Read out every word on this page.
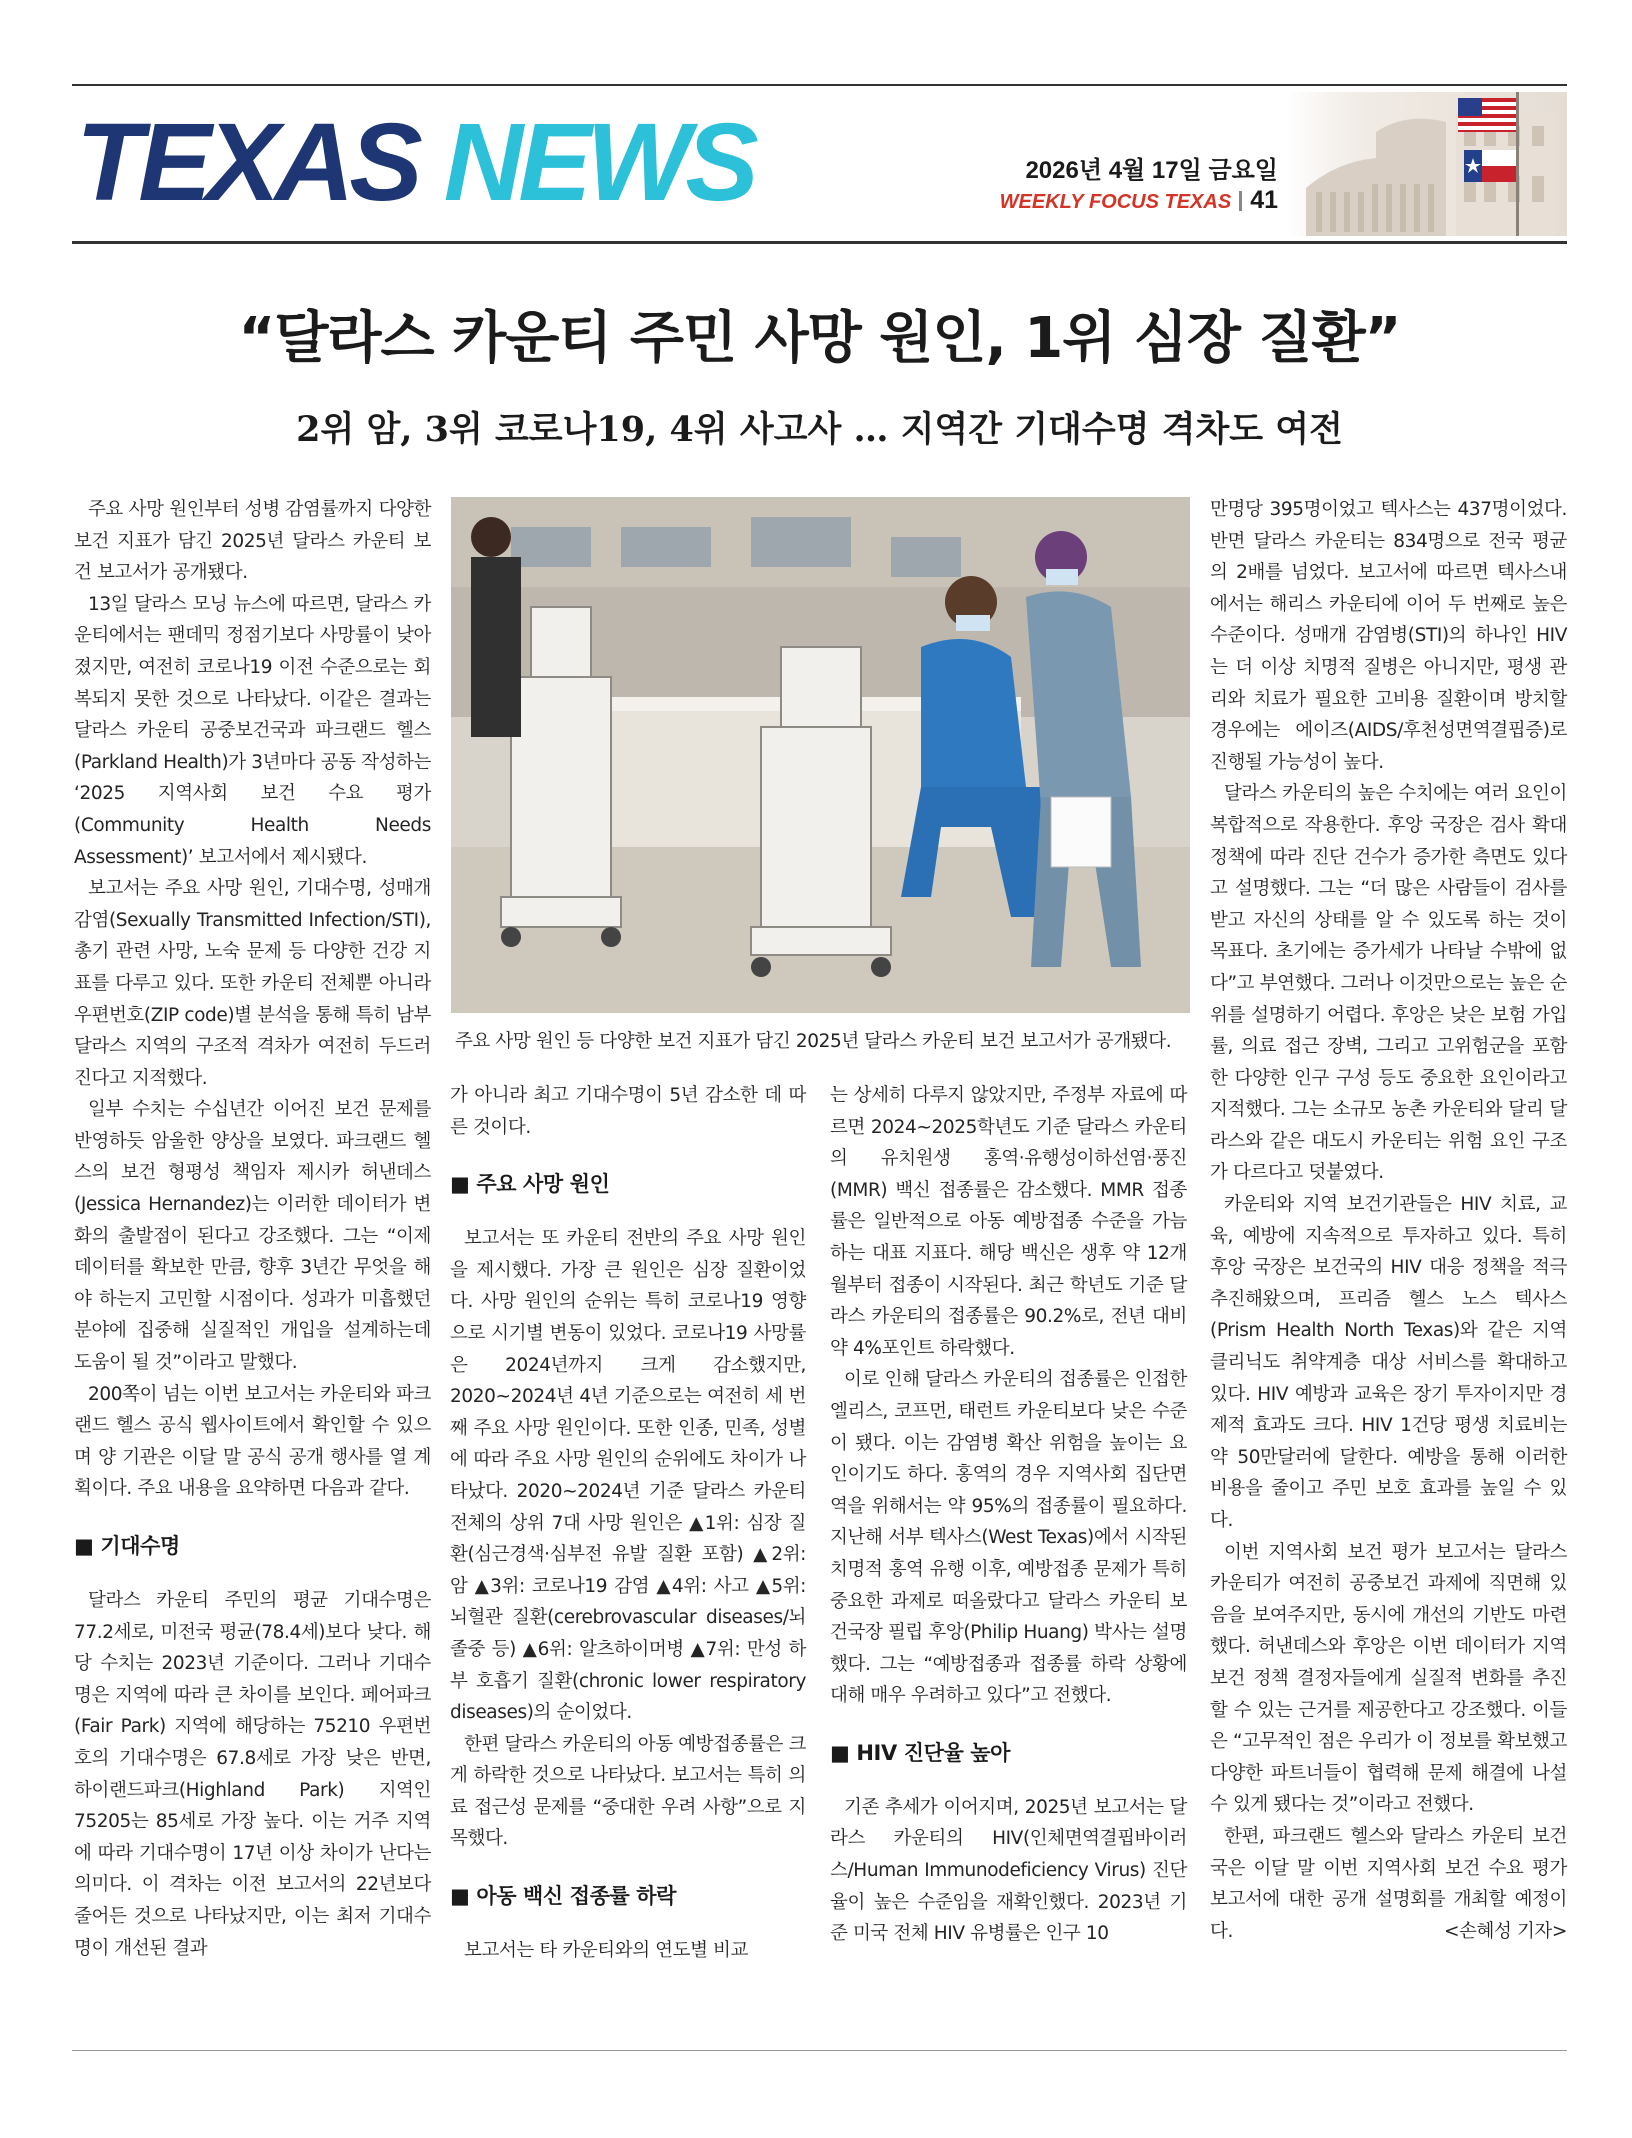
TEXAS NEWS	2026년 4월 17일 금요일
WEEKLY FOCUS TEXAS 41
“달라스 카운티 주민 사망 원인, 1위 심장 질환”
2위 암, 3위 코로나19, 4위 사고사 … 지역간 기대수명 격차도 여전

주요 사망 원인부터 성병 감염률까지 다양한 보건 지표가 담긴 2025년 달라스 카운티 보건 보고서가 공개됐다.

13일 달라스 모닝 뉴스에 따르면, 달라스 카운티에서는 팬데믹 정점기보다 사망률이 낮아졌지만, 여전히 코로나19 이전 수준으로는 회복되지 못한 것으로 나타났다. 이같은 결과는 달라스 카운티 공중보건국과 파크랜드 헬스(Parkland Health)가 3년마다 공동 작성하는 ‘2025 지역사회 보건 수요 평가(Community Health Needs Assessment)’ 보고서에서 제시됐다.

보고서는 주요 사망 원인, 기대수명, 성매개 감염(Sexually Transmitted Infection/STI), 총기 관련 사망, 노숙 문제 등 다양한 건강 지표를 다루고 있다. 또한 카운티 전체뿐 아니라 우편번호(ZIP code)별 분석을 통해 특히 남부 달라스 지역의 구조적 격차가 여전히 두드러진다고 지적했다.

일부 수치는 수십년간 이어진 보건 문제를 반영하듯 암울한 양상을 보였다. 파크랜드 헬스의 보건 형평성 책임자 제시카 허낸데스(Jessica Hernandez)는 이러한 데이터가 변화의 출발점이 된다고 강조했다. 그는 “이제 데이터를 확보한 만큼, 향후 3년간 무엇을 해야 하는지 고민할 시점이다. 성과가 미흡했던 분야에 집중해 실질적인 개입을 설계하는데 도움이 될 것”이라고 말했다.

200쪽이 넘는 이번 보고서는 카운티와 파크랜드 헬스 공식 웹사이트에서 확인할 수 있으며 양 기관은 이달 말 공식 공개 행사를 열 계획이다. 주요 내용을 요약하면 다음과 같다.

■ 기대수명

달라스 카운티 주민의 평균 기대수명은 77.2세로, 미전국 평균(78.4세)보다 낮다. 해당 수치는 2023년 기준이다. 그러나 기대수명은 지역에 따라 큰 차이를 보인다. 페어파크(Fair Park) 지역에 해당하는 75210 우편번호의 기대수명은 67.8세로 가장 낮은 반면, 하이랜드파크(Highland Park) 지역인 75205는 85세로 가장 높다. 이는 거주 지역에 따라 기대수명이 17년 이상 차이가 난다는 의미다. 이 격차는 이전 보고서의 22년보다 줄어든 것으로 나타났지만, 이는 최저 기대수명이 개선된 결과

주요 사망 원인 등 다양한 보건 지표가 담긴 2025년 달라스 카운티 보건 보고서가 공개됐다.

가 아니라 최고 기대수명이 5년 감소한 데 따른 것이다.

■ 주요 사망 원인

보고서는 또 카운티 전반의 주요 사망 원인을 제시했다. 가장 큰 원인은 심장 질환이었다. 사망 원인의 순위는 특히 코로나19 영향으로 시기별 변동이 있었다. 코로나19 사망률은 2024년까지 크게 감소했지만, 2020~2024년 4년 기준으로는 여전히 세 번째 주요 사망 원인이다. 또한 인종, 민족, 성별에 따라 주요 사망 원인의 순위에도 차이가 나타났다. 2020~2024년 기준 달라스 카운티 전체의 상위 7대 사망 원인은 ▲1위: 심장 질환(심근경색·심부전 유발 질환 포함) ▲2위: 암 ▲3위: 코로나19 감염 ▲4위: 사고 ▲5위: 뇌혈관 질환(cerebrovascular diseases/뇌졸중 등) ▲6위: 알츠하이머병 ▲7위: 만성 하부 호흡기 질환(chronic lower respiratory diseases)의 순이었다.

한편 달라스 카운티의 아동 예방접종률은 크게 하락한 것으로 나타났다. 보고서는 특히 의료 접근성 문제를 “중대한 우려 사항”으로 지목했다.

■ 아동 백신 접종률 하락

보고서는 타 카운티와의 연도별 비교

는 상세히 다루지 않았지만, 주정부 자료에 따르면 2024~2025학년도 기준 달라스 카운티의 유치원생 홍역·유행성이하선염·풍진(MMR) 백신 접종률은 감소했다. MMR 접종률은 일반적으로 아동 예방접종 수준을 가늠하는 대표 지표다. 해당 백신은 생후 약 12개월부터 접종이 시작된다. 최근 학년도 기준 달라스 카운티의 접종률은 90.2%로, 전년 대비 약 4%포인트 하락했다.

이로 인해 달라스 카운티의 접종률은 인접한 엘리스, 코프먼, 태런트 카운티보다 낮은 수준이 됐다. 이는 감염병 확산 위험을 높이는 요인이기도 하다. 홍역의 경우 지역사회 집단면역을 위해서는 약 95%의 접종률이 필요하다. 지난해 서부 텍사스(West Texas)에서 시작된 치명적 홍역 유행 이후, 예방접종 문제가 특히 중요한 과제로 떠올랐다고 달라스 카운티 보건국장 필립 후앙(Philip Huang) 박사는 설명했다. 그는 “예방접종과 접종률 하락 상황에 대해 매우 우려하고 있다”고 전했다.

■ HIV 진단율 높아

기존 추세가 이어지며, 2025년 보고서는 달라스 카운티의 HIV(인체면역결핍바이러스/Human Immunodeficiency Virus) 진단율이 높은 수준임을 재확인했다. 2023년 기준 미국 전체 HIV 유병률은 인구 10

만명당 395명이었고 텍사스는 437명이었다. 반면 달라스 카운티는 834명으로 전국 평균의 2배를 넘었다. 보고서에 따르면 텍사스내에서는 해리스 카운티에 이어 두 번째로 높은 수준이다. 성매개 감염병(STI)의 하나인 HIV는 더 이상 치명적 질병은 아니지만, 평생 관리와 치료가 필요한 고비용 질환이며 방치할 경우에는 에이즈(AIDS/후천성면역결핍증)로 진행될 가능성이 높다.

달라스 카운티의 높은 수치에는 여러 요인이 복합적으로 작용한다. 후앙 국장은 검사 확대 정책에 따라 진단 건수가 증가한 측면도 있다고 설명했다. 그는 “더 많은 사람들이 검사를 받고 자신의 상태를 알 수 있도록 하는 것이 목표다. 초기에는 증가세가 나타날 수밖에 없다”고 부연했다. 그러나 이것만으로는 높은 순위를 설명하기 어렵다. 후앙은 낮은 보험 가입률, 의료 접근 장벽, 그리고 고위험군을 포함한 다양한 인구 구성 등도 중요한 요인이라고 지적했다. 그는 소규모 농촌 카운티와 달리 달라스와 같은 대도시 카운티는 위험 요인 구조가 다르다고 덧붙였다.

카운티와 지역 보건기관들은 HIV 치료, 교육, 예방에 지속적으로 투자하고 있다. 특히 후앙 국장은 보건국의 HIV 대응 정책을 적극 추진해왔으며, 프리즘 헬스 노스 텍사스(Prism Health North Texas)와 같은 지역 클리닉도 취약계층 대상 서비스를 확대하고 있다. HIV 예방과 교육은 장기 투자이지만 경제적 효과도 크다. HIV 1건당 평생 치료비는 약 50만달러에 달한다. 예방을 통해 이러한 비용을 줄이고 주민 보호 효과를 높일 수 있다.

이번 지역사회 보건 평가 보고서는 달라스 카운티가 여전히 공중보건 과제에 직면해 있음을 보여주지만, 동시에 개선의 기반도 마련했다. 허낸데스와 후앙은 이번 데이터가 지역 보건 정책 결정자들에게 실질적 변화를 추진할 수 있는 근거를 제공한다고 강조했다. 이들은 “고무적인 점은 우리가 이 정보를 확보했고 다양한 파트너들이 협력해 문제 해결에 나설 수 있게 됐다는 것”이라고 전했다.

한편, 파크랜드 헬스와 달라스 카운티 보건국은 이달 말 이번 지역사회 보건 수요 평가 보고서에 대한 공개 설명회를 개최할 예정이다.	<손혜성 기자>
